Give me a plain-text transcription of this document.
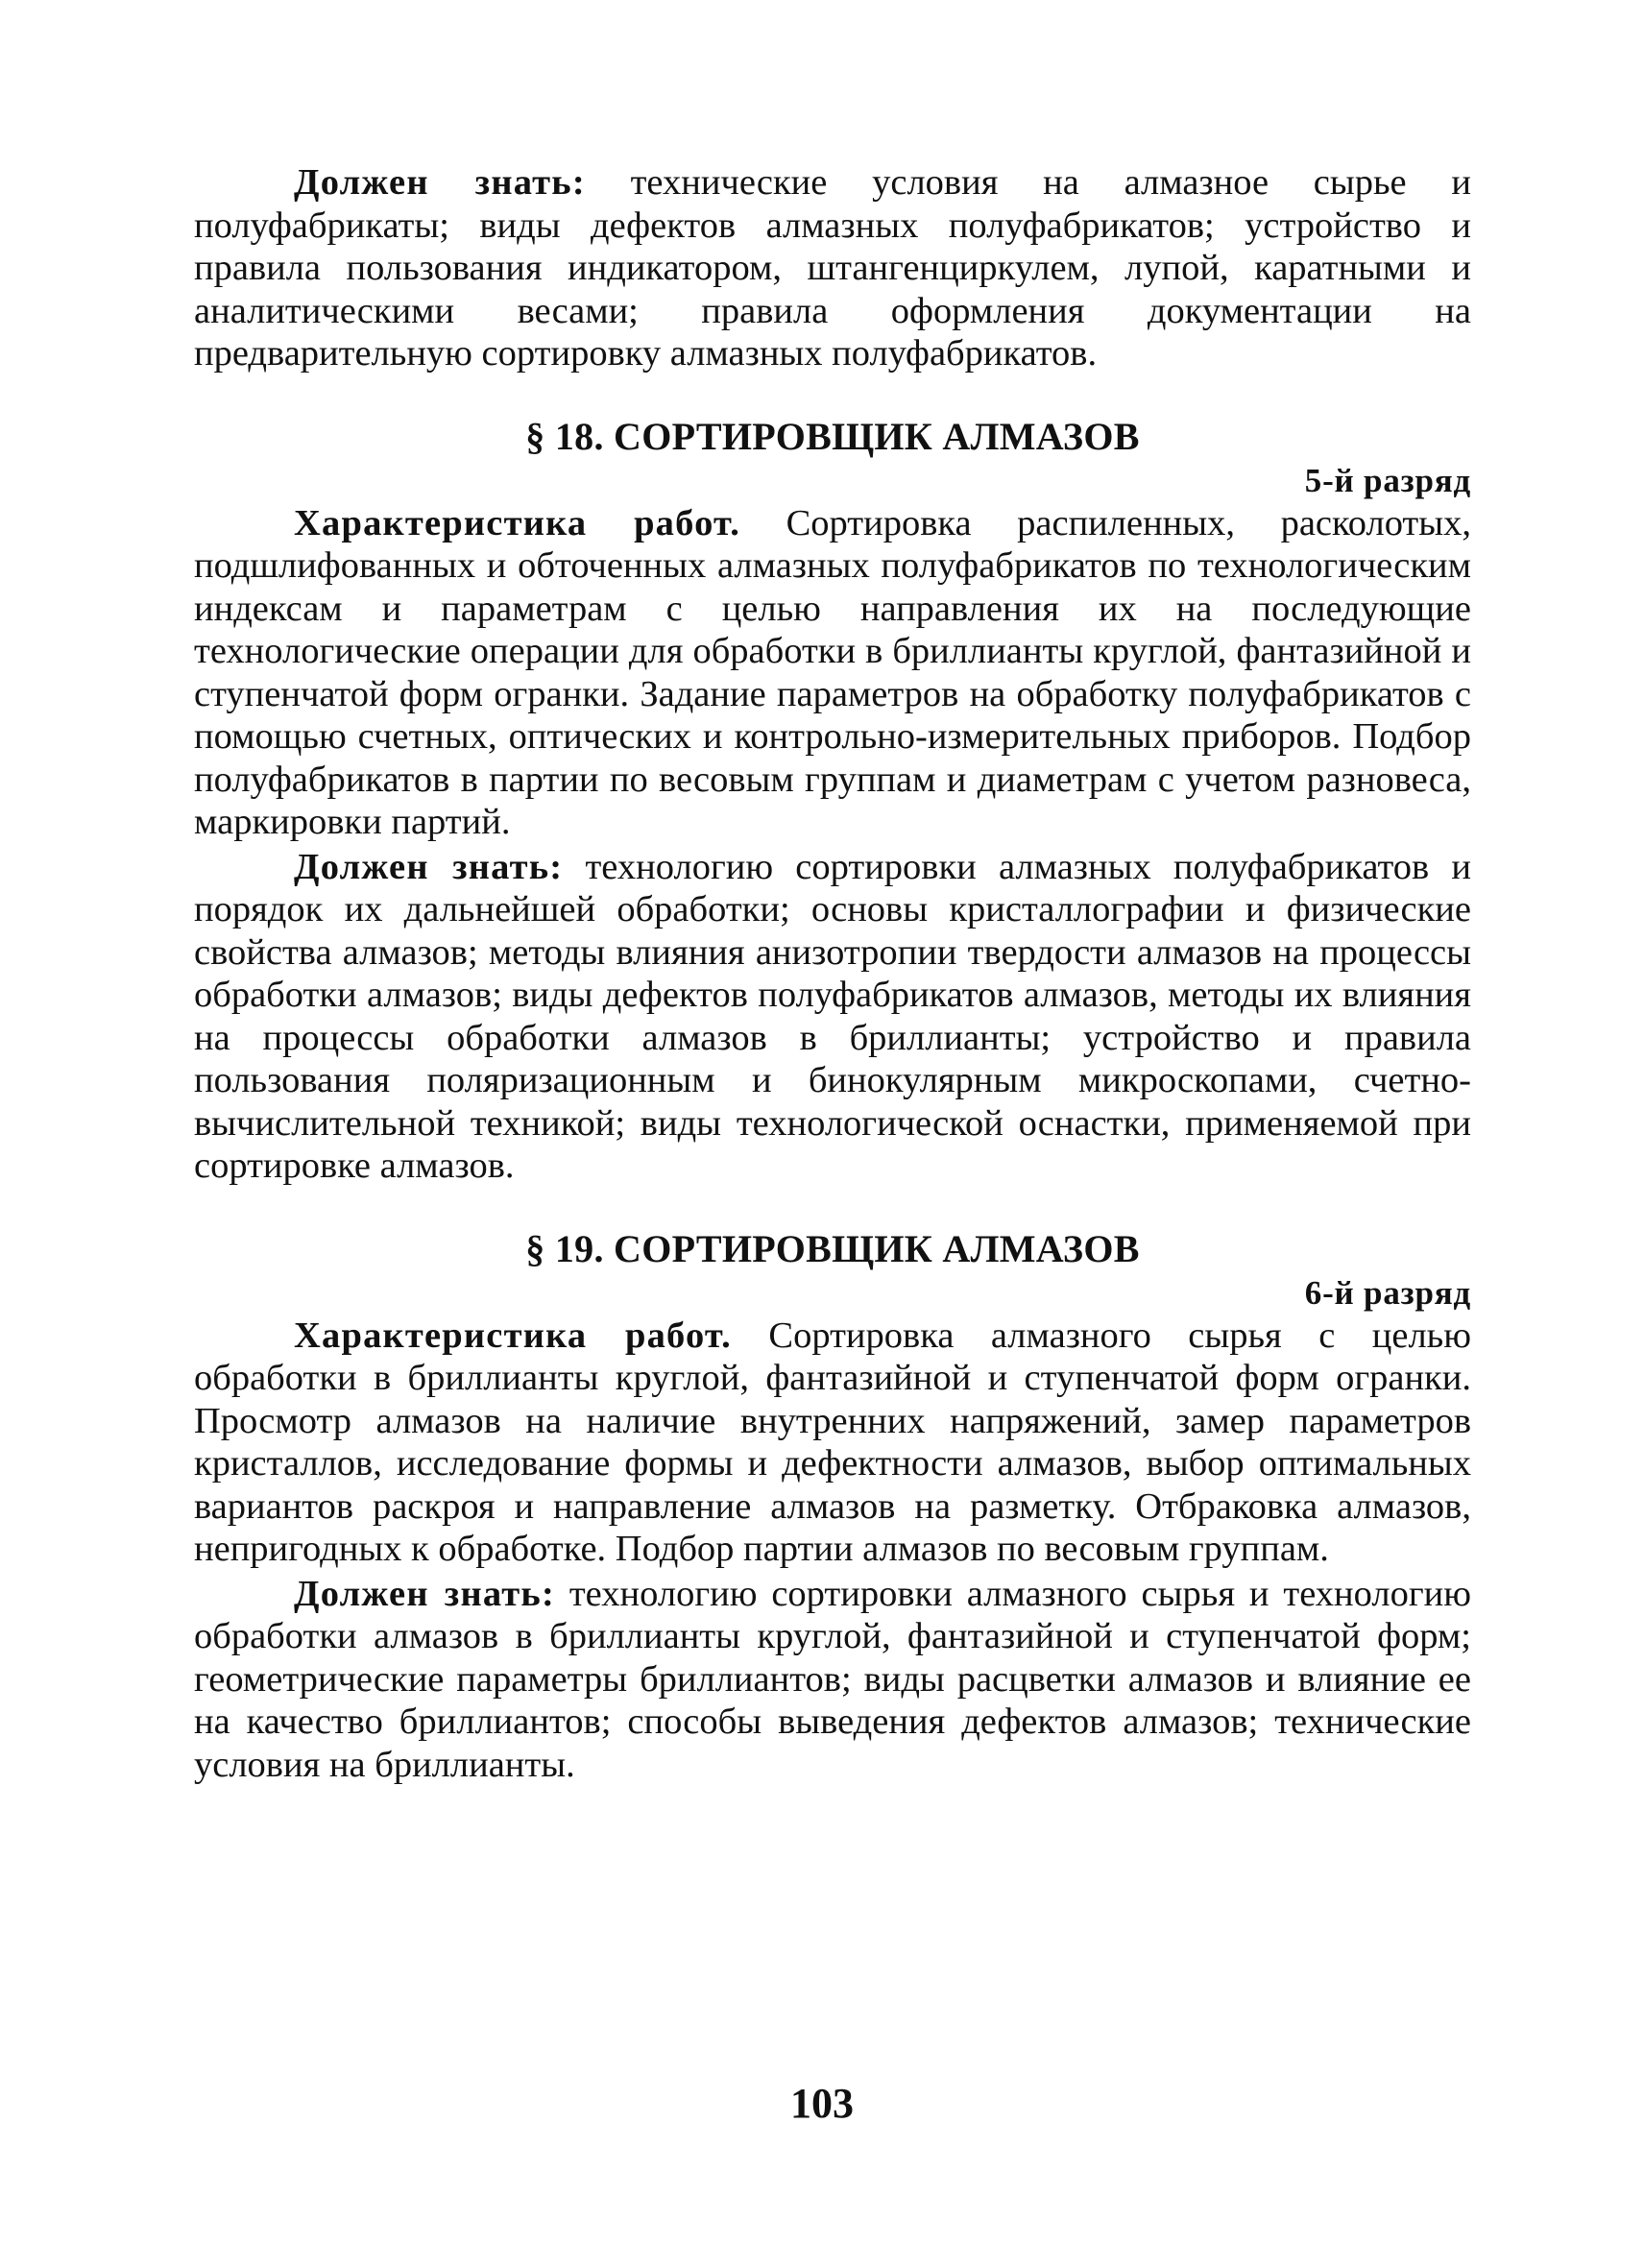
Должен знать: технические условия на алмазное сырье и полуфабрикаты; виды дефектов алмазных полуфабрикатов; устройство и правила пользования индикатором, штангенциркулем, лупой, каратными и аналитическими весами; правила оформления документации на предварительную сортировку алмазных полуфабрикатов.

§ 18. СОРТИРОВЩИК АЛМАЗОВ
5-й разряд

Характеристика работ. Сортировка распиленных, расколотых, подшлифованных и обточенных алмазных полуфабрикатов по технологическим индексам и параметрам с целью направления их на последующие технологические операции для обработки в бриллианты круглой, фантазийной и ступенчатой форм огранки. Задание параметров на обработку полуфабрикатов с помощью счетных, оптических и контрольно-измерительных приборов. Подбор полуфабрикатов в партии по весовым группам и диаметрам с учетом разновеса, маркировки партий.

Должен знать: технологию сортировки алмазных полуфабрикатов и порядок их дальнейшей обработки; основы кристаллографии и физические свойства алмазов; методы влияния анизотропии твердости алмазов на процессы обработки алмазов; виды дефектов полуфабрикатов алмазов, методы их влияния на процессы обработки алмазов в бриллианты; устройство и правила пользования поляризационным и бинокулярным микроскопами, счетно-вычислительной техникой; виды технологической оснастки, применяемой при сортировке алмазов.

§ 19. СОРТИРОВЩИК АЛМАЗОВ
6-й разряд

Характеристика работ. Сортировка алмазного сырья с целью обработки в бриллианты круглой, фантазийной и ступенчатой форм огранки. Просмотр алмазов на наличие внутренних напряжений, замер параметров кристаллов, исследование формы и дефектности алмазов, выбор оптимальных вариантов раскроя и направление алмазов на разметку. Отбраковка алмазов, непригодных к обработке. Подбор партии алмазов по весовым группам.

Должен знать: технологию сортировки алмазного сырья и технологию обработки алмазов в бриллианты круглой, фантазийной и ступенчатой форм; геометрические параметры бриллиантов; виды расцветки алмазов и влияние ее на качество бриллиантов; способы выведения дефектов алмазов; технические условия на бриллианты.

103
